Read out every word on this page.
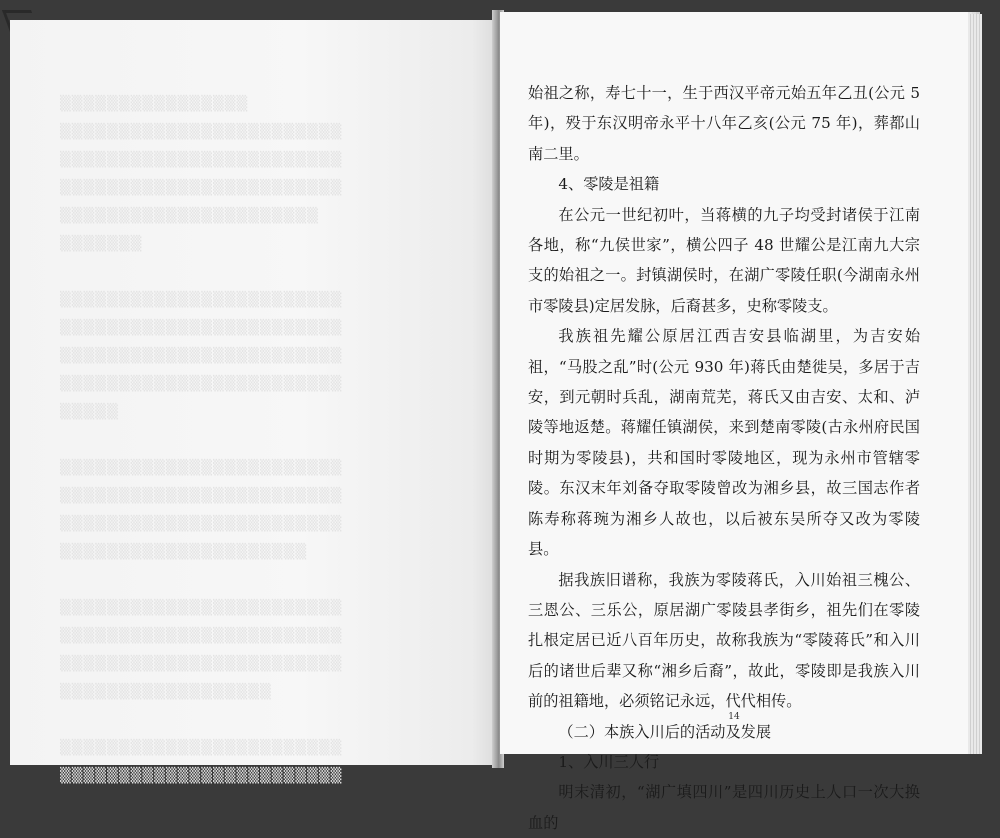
▒▒▒▒▒▒▒▒▒▒▒▒▒▒▒▒
▒▒▒▒▒▒▒▒▒▒▒▒▒▒▒▒▒▒▒▒▒▒▒▒
▒▒▒▒▒▒▒▒▒▒▒▒▒▒▒▒▒▒▒▒▒▒▒▒
▒▒▒▒▒▒▒▒▒▒▒▒▒▒▒▒▒▒▒▒▒▒▒▒
▒▒▒▒▒▒▒▒▒▒▒▒▒▒▒▒▒▒▒▒▒▒
▒▒▒▒▒▒▒

▒▒▒▒▒▒▒▒▒▒▒▒▒▒▒▒▒▒▒▒▒▒▒▒
▒▒▒▒▒▒▒▒▒▒▒▒▒▒▒▒▒▒▒▒▒▒▒▒
▒▒▒▒▒▒▒▒▒▒▒▒▒▒▒▒▒▒▒▒▒▒▒▒
▒▒▒▒▒▒▒▒▒▒▒▒▒▒▒▒▒▒▒▒▒▒▒▒
▒▒▒▒▒

▒▒▒▒▒▒▒▒▒▒▒▒▒▒▒▒▒▒▒▒▒▒▒▒
▒▒▒▒▒▒▒▒▒▒▒▒▒▒▒▒▒▒▒▒▒▒▒▒
▒▒▒▒▒▒▒▒▒▒▒▒▒▒▒▒▒▒▒▒▒▒▒▒
▒▒▒▒▒▒▒▒▒▒▒▒▒▒▒▒▒▒▒▒▒

▒▒▒▒▒▒▒▒▒▒▒▒▒▒▒▒▒▒▒▒▒▒▒▒
▒▒▒▒▒▒▒▒▒▒▒▒▒▒▒▒▒▒▒▒▒▒▒▒
▒▒▒▒▒▒▒▒▒▒▒▒▒▒▒▒▒▒▒▒▒▒▒▒
▒▒▒▒▒▒▒▒▒▒▒▒▒▒▒▒▒▒

▒▒▒▒▒▒▒▒▒▒▒▒▒▒▒▒▒▒▒▒▒▒▒▒
▒▒▒▒▒▒▒▒▒▒▒▒▒▒▒▒▒▒▒▒▒▒▒▒

始祖之称，寿七十一，生于西汉平帝元始五年乙丑(公元 5 年)，殁于东汉明帝永平十八年乙亥(公元 75 年)，葬都山南二里。

4、零陵是祖籍

在公元一世纪初叶，当蒋横的九子均受封诸侯于江南各地，称“九侯世家”，横公四子 48 世耀公是江南九大宗支的始祖之一。封镇湖侯时，在湖广零陵任职(今湖南永州市零陵县)定居发脉，后裔甚多，史称零陵支。

我族祖先耀公原居江西吉安县临湖里，为吉安始祖，“马股之乱”时(公元 930 年)蒋氏由楚徙吴，多居于吉安，到元朝时兵乱，湖南荒芜，蒋氏又由吉安、太和、泸陵等地返楚。蒋耀任镇湖侯，来到楚南零陵(古永州府民国时期为零陵县)，共和国时零陵地区，现为永州市管辖零陵。东汉末年刘备夺取零陵曾改为湘乡县，故三国志作者陈寿称蒋琬为湘乡人故也，以后被东吴所夺又改为零陵县。

据我族旧谱称，我族为零陵蒋氏，入川始祖三槐公、三恩公、三乐公，原居湖广零陵县孝街乡，祖先们在零陵扎根定居已近八百年历史，故称我族为“零陵蒋氏”和入川后的诸世后辈又称“湘乡后裔”，故此，零陵即是我族入川前的祖籍地，必须铭记永远，代代相传。

（二）本族入川后的活动及发展

1、入川三人行

明末清初，“湖广填四川”是四川历史上人口一次大换血的

14
